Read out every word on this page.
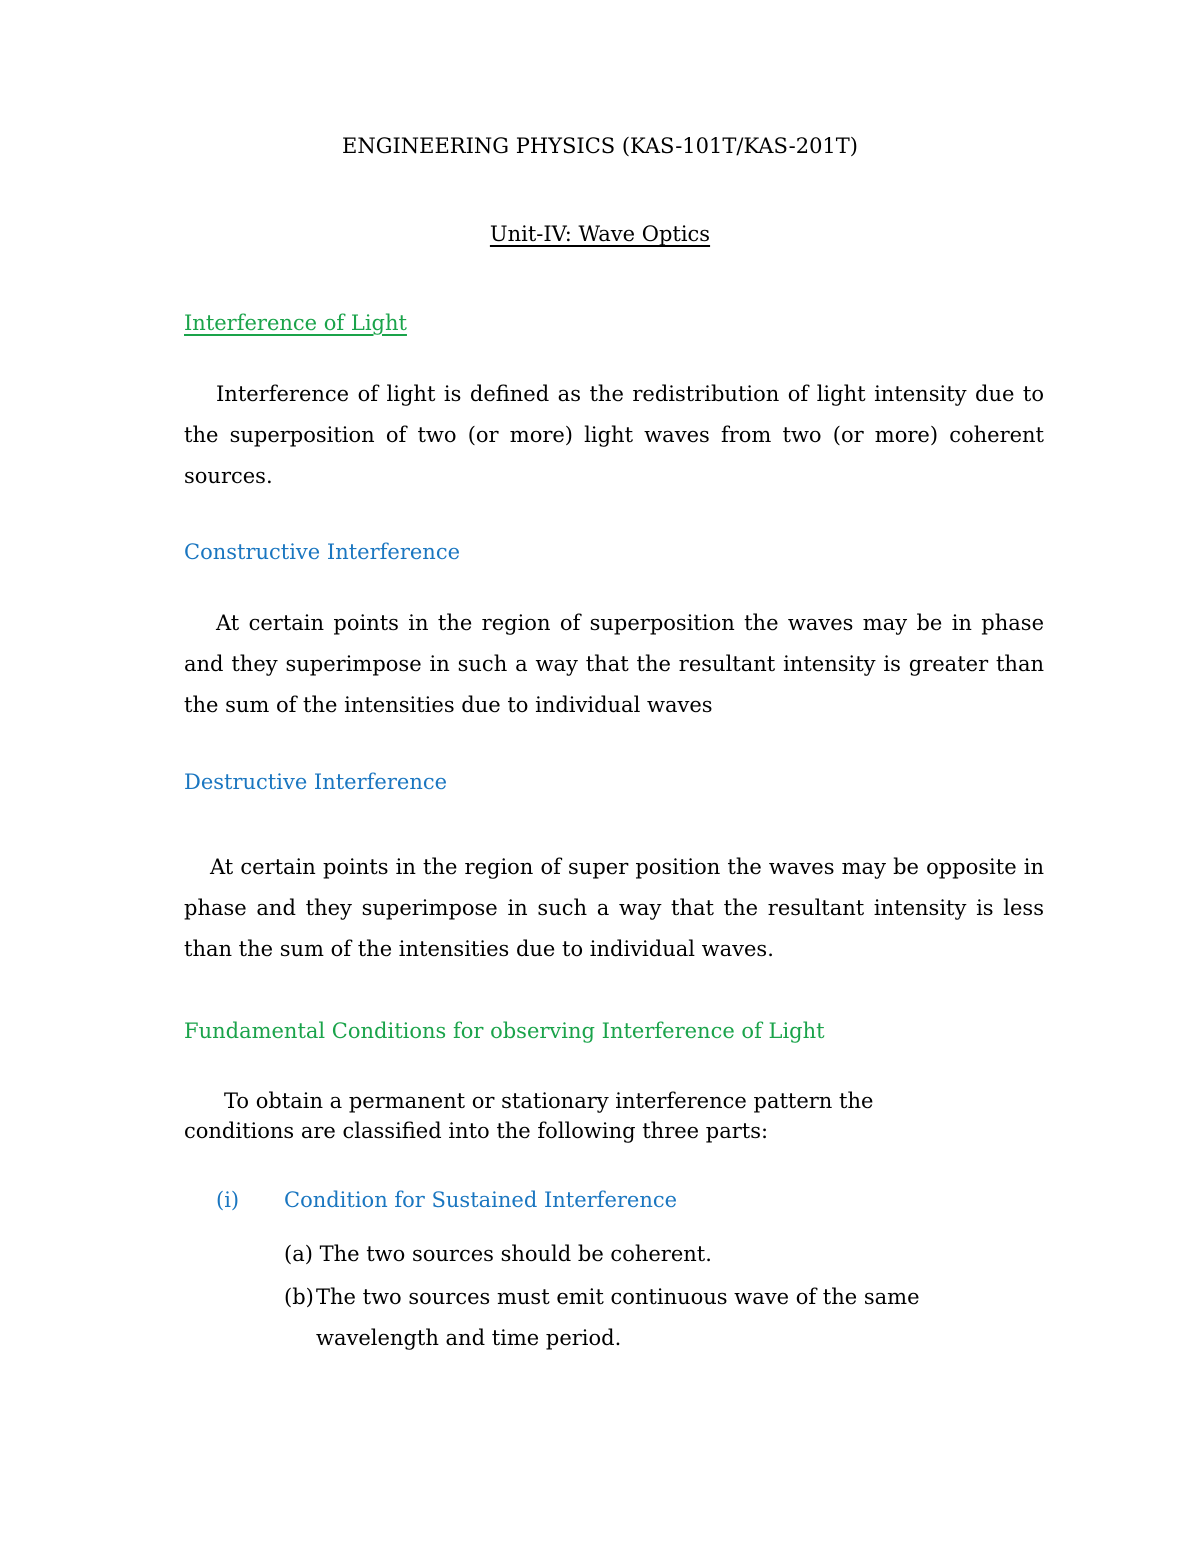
ENGINEERING PHYSICS (KAS-101T/KAS-201T)

Unit-IV: Wave Optics

Interference of Light

Interference of light is defined as the redistribution of light intensity due to the superposition of two (or more) light waves from two (or more) coherent sources.

Constructive Interference

At certain points in the region of superposition the waves may be in phase and they superimpose in such a way that the resultant intensity is greater than the sum of the intensities due to individual waves

Destructive Interference

At certain points in the region of super position the waves may be opposite in phase and they superimpose in such a way that the resultant intensity is less than the sum of the intensities due to individual waves.

Fundamental Conditions for observing Interference of Light

To obtain a permanent or stationary interference pattern the conditions are classified into the following three parts:

(i) Condition for Sustained Interference

(a) The two sources should be coherent.
(b) The two sources must emit continuous wave of the same wavelength and time period.
